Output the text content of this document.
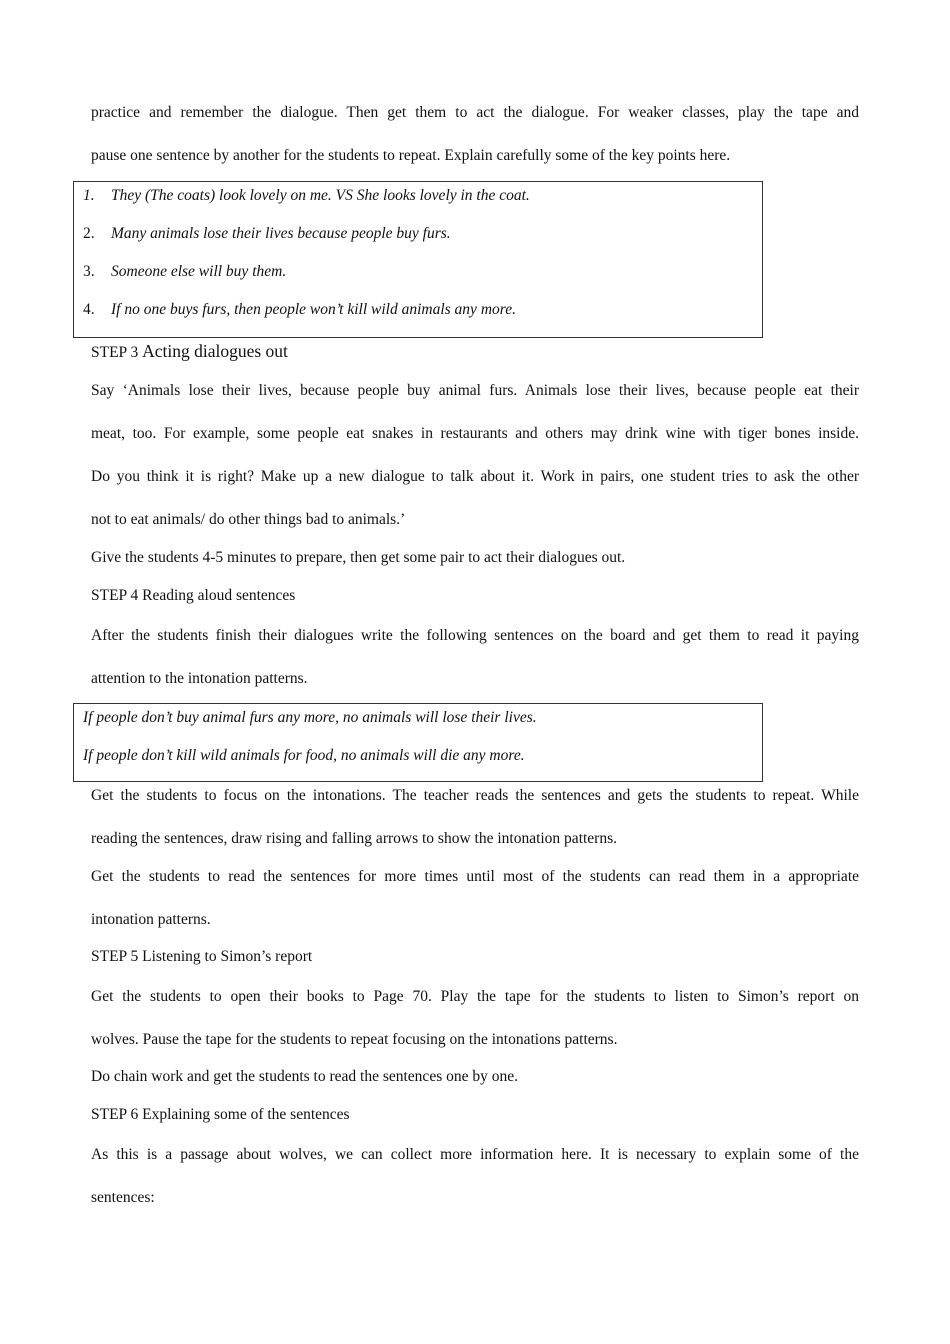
practice and remember the dialogue. Then get them to act the dialogue. For weaker classes, play the tape and
pause one sentence by another for the students to repeat. Explain carefully some of the key points here.
1. They (The coats) look lovely on me. VS She looks lovely in the coat.
2. Many animals lose their lives because people buy furs.
3. Someone else will buy them.
4. If no one buys furs, then people won’t kill wild animals any more.
STEP 3 Acting dialogues out
Say ‘Animals lose their lives, because people buy animal furs. Animals lose their lives, because people eat their
meat, too. For example, some people eat snakes in restaurants and others may drink wine with tiger bones inside.
Do you think it is right? Make up a new dialogue to talk about it. Work in pairs, one student tries to ask the other
not to eat animals/ do other things bad to animals.’
Give the students 4-5 minutes to prepare, then get some pair to act their dialogues out.
STEP 4 Reading aloud sentences
After the students finish their dialogues write the following sentences on the board and get them to read it paying
attention to the intonation patterns.
If people don’t buy animal furs any more, no animals will lose their lives.
If people don’t kill wild animals for food, no animals will die any more.
Get the students to focus on the intonations. The teacher reads the sentences and gets the students to repeat. While
reading the sentences, draw rising and falling arrows to show the intonation patterns.
Get the students to read the sentences for more times until most of the students can read them in a appropriate
intonation patterns.
STEP 5 Listening to Simon’s report
Get the students to open their books to Page 70. Play the tape for the students to listen to Simon’s report on
wolves. Pause the tape for the students to repeat focusing on the intonations patterns.
Do chain work and get the students to read the sentences one by one.
STEP 6 Explaining some of the sentences
As this is a passage about wolves, we can collect more information here. It is necessary to explain some of the
sentences:
